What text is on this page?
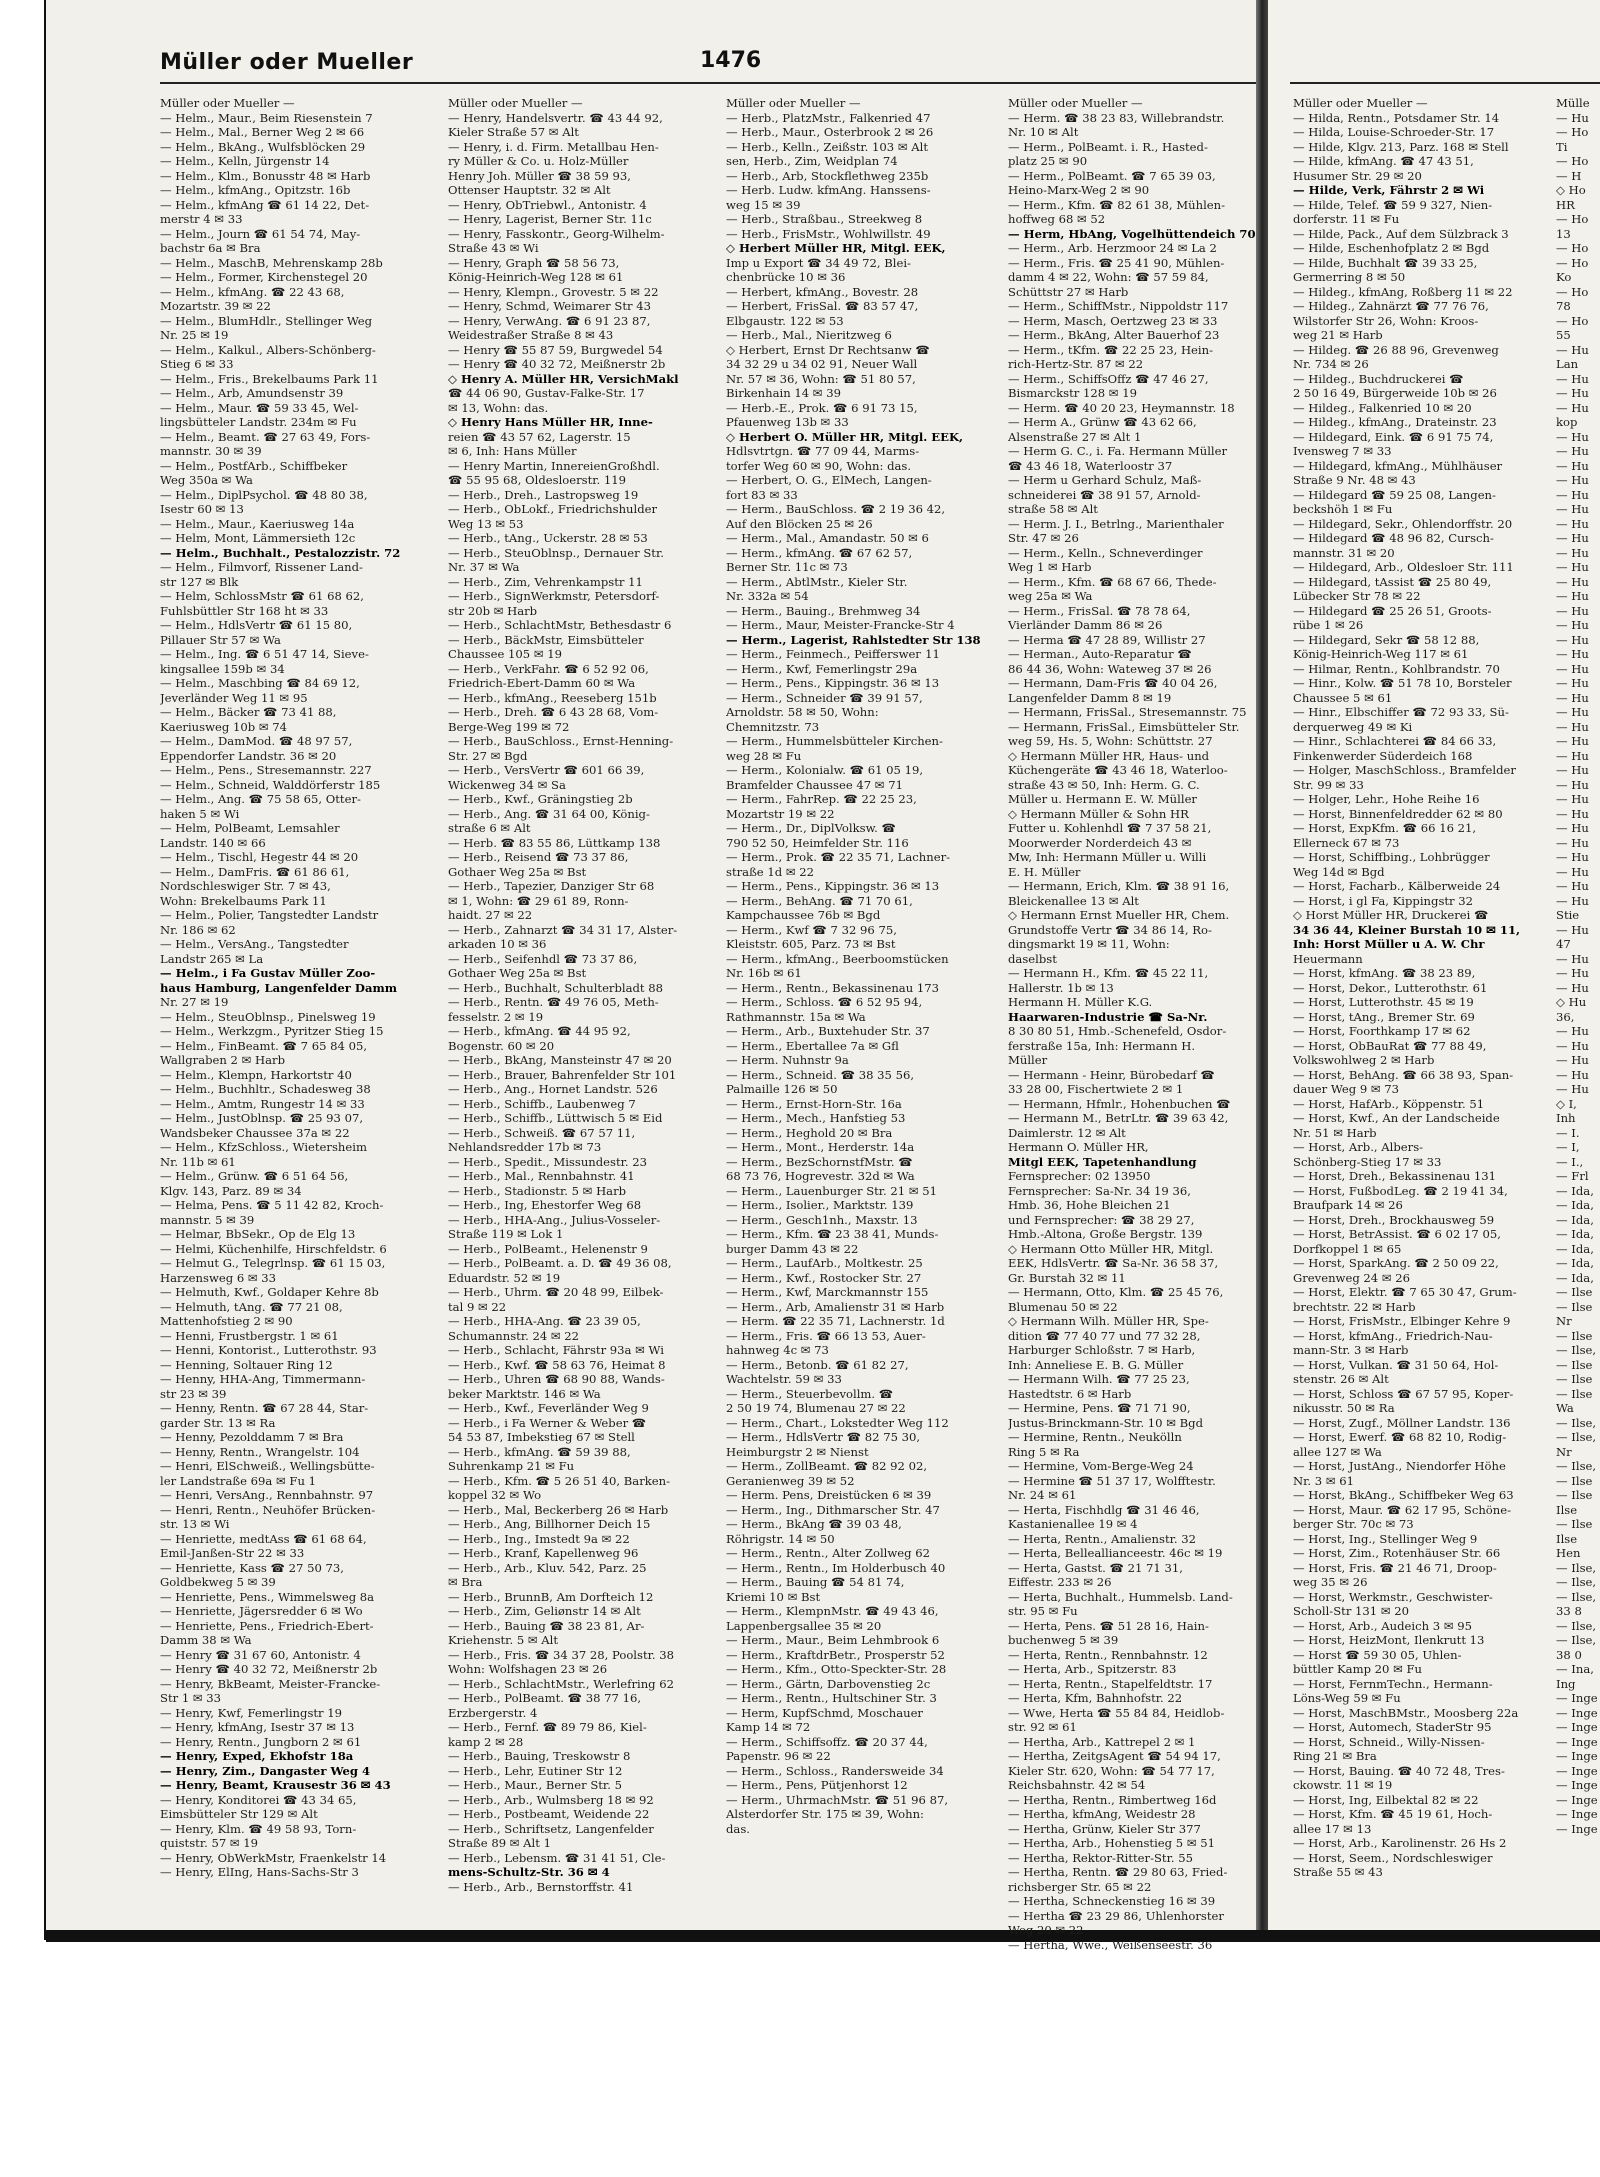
Müller oder Mueller	1476
Müller oder Mueller —
— Helm., Maur., Beim Riesenstein 7
— Helm., Mal., Berner Weg 2 ✉ 66
— Helm., BkAng., Wulfsblöcken 29
— Helm., Kelln, Jürgenstr 14
— Helm., Klm., Bonusstr 48 ✉ Harb
— Helm., kfmAng., Opitzstr. 16b
— Helm., kfmAng ☎ 61 14 22, Det-
merstr 4 ✉ 33
— Helm., Journ ☎ 61 54 74, May-
bachstr 6a ✉ Bra
— Helm., MaschB, Mehrenskamp 28b
— Helm., Former, Kirchenstegel 20
— Helm., kfmAng. ☎ 22 43 68,
Mozartstr. 39 ✉ 22
— Helm., BlumHdlr., Stellinger Weg
Nr. 25 ✉ 19
— Helm., Kalkul., Albers-Schönberg-
Stieg 6 ✉ 33
— Helm., Fris., Brekelbaums Park 11
— Helm., Arb, Amundsenstr 39
— Helm., Maur. ☎ 59 33 45, Wel-
lingsbütteler Landstr. 234m ✉ Fu
— Helm., Beamt. ☎ 27 63 49, Fors-
mannstr. 30 ✉ 39
— Helm., PostfArb., Schiffbeker
Weg 350a ✉ Wa
— Helm., DiplPsychol. ☎ 48 80 38,
Isestr 60 ✉ 13
— Helm., Maur., Kaeriusweg 14a
— Helm, Mont, Lämmersieth 12c
— Helm., Buchhalt., Pestalozzistr. 72
— Helm., Filmvorf, Rissener Land-
str 127 ✉ Blk
— Helm, SchlossMstr ☎ 61 68 62,
Fuhlsbüttler Str 168 ht ✉ 33
— Helm., HdlsVertr ☎ 61 15 80,
Pillauer Str 57 ✉ Wa
— Helm., Ing. ☎ 6 51 47 14, Sieve-
kingsallee 159b ✉ 34
— Helm., Maschbing ☎ 84 69 12,
Jeverländer Weg 11 ✉ 95
— Helm., Bäcker ☎ 73 41 88,
Kaeriusweg 10b ✉ 74
— Helm., DamMod. ☎ 48 97 57,
Eppendorfer Landstr. 36 ✉ 20
— Helm., Pens., Stresemannstr. 227
— Helm., Schneid, Walddörferstr 185
— Helm., Ang. ☎ 75 58 65, Otter-
haken 5 ✉ Wi
— Helm, PolBeamt, Lemsahler
Landstr. 140 ✉ 66
— Helm., Tischl, Hegestr 44 ✉ 20
— Helm., DamFris. ☎ 61 86 61,
Nordschleswiger Str. 7 ✉ 43,
Wohn: Brekelbaums Park 11
— Helm., Polier, Tangstedter Landstr
Nr. 186 ✉ 62
— Helm., VersAng., Tangstedter
Landstr 265 ✉ La
— Helm., i Fa Gustav Müller Zoo-
haus Hamburg, Langenfelder Damm
Nr. 27 ✉ 19
— Helm., SteuOblnsp., Pinelsweg 19
— Helm., Werkzgm., Pyritzer Stieg 15
— Helm., FinBeamt. ☎ 7 65 84 05,
Wallgraben 2 ✉ Harb
— Helm., Klempn, Harkortstr 40
— Helm., Buchhltr., Schadesweg 38
— Helm., Amtm, Rungestr 14 ✉ 33
— Helm., JustOblnsp. ☎ 25 93 07,
Wandsbeker Chaussee 37a ✉ 22
— Helm., KfzSchloss., Wietersheim
Nr. 11b ✉ 61
— Helm., Grünw. ☎ 6 51 64 56,
Klgv. 143, Parz. 89 ✉ 34
— Helma, Pens. ☎ 5 11 42 82, Kroch-
mannstr. 5 ✉ 39
— Helmar, BbSekr., Op de Elg 13
— Helmi, Küchenhilfe, Hirschfeldstr. 6
— Helmut G., Telegrlnsp. ☎ 61 15 03,
Harzensweg 6 ✉ 33
— Helmuth, Kwf., Goldaper Kehre 8b
— Helmuth, tAng. ☎ 77 21 08,
Mattenhofstieg 2 ✉ 90
— Henni, Frustbergstr. 1 ✉ 61
— Henni, Kontorist., Lutterothstr. 93
— Henning, Soltauer Ring 12
— Henny, HHA-Ang, Timmermann-
str 23 ✉ 39
— Henny, Rentn. ☎ 67 28 44, Star-
garder Str. 13 ✉ Ra
— Henny, Pezolddamm 7 ✉ Bra
— Henny, Rentn., Wrangelstr. 104
— Henri, ElSchweiß., Wellingsbütte-
ler Landstraße 69a ✉ Fu 1
— Henri, VersAng., Rennbahnstr. 97
— Henri, Rentn., Neuhöfer Brücken-
str. 13 ✉ Wi
— Henriette, medtAss ☎ 61 68 64,
Emil-Janßen-Str 22 ✉ 33
— Henriette, Kass ☎ 27 50 73,
Goldbekweg 5 ✉ 39
— Henriette, Pens., Wimmelsweg 8a
— Henriette, Jägersredder 6 ✉ Wo
— Henriette, Pens., Friedrich-Ebert-
Damm 38 ✉ Wa
— Henry ☎ 31 67 60, Antonistr. 4
— Henry ☎ 40 32 72, Meißnerstr 2b
— Henry, BkBeamt, Meister-Francke-
Str 1 ✉ 33
— Henry, Kwf, Femerlingstr 19
— Henry, kfmAng, Isestr 37 ✉ 13
— Henry, Rentn., Jungborn 2 ✉ 61
— Henry, Exped, Ekhofstr 18a
— Henry, Zim., Dangaster Weg 4
— Henry, Beamt, Krausestr 36 ✉ 43
— Henry, Konditorei ☎ 43 34 65,
Eimsbütteler Str 129 ✉ Alt
— Henry, Klm. ☎ 49 58 93, Torn-
quiststr. 57 ✉ 19
— Henry, ObWerkMstr, Fraenkelstr 14
— Henry, ElIng, Hans-Sachs-Str 3
Müller oder Mueller —
— Henry, Handelsvertr. ☎ 43 44 92,
Kieler Straße 57 ✉ Alt
— Henry, i. d. Firm. Metallbau Hen-
ry Müller & Co. u. Holz-Müller
Henry Joh. Müller ☎ 38 59 93,
Ottenser Hauptstr. 32 ✉ Alt
— Henry, ObTriebwl., Antonistr. 4
— Henry, Lagerist, Berner Str. 11c
— Henry, Fasskontr., Georg-Wilhelm-
Straße 43 ✉ Wi
— Henry, Graph ☎ 58 56 73,
König-Heinrich-Weg 128 ✉ 61
— Henry, Klempn., Grovestr. 5 ✉ 22
— Henry, Schmd, Weimarer Str 43
— Henry, VerwAng. ☎ 6 91 23 87,
Weidestraßer Straße 8 ✉ 43
— Henry ☎ 55 87 59, Burgwedel 54
— Henry ☎ 40 32 72, Meißnerstr 2b
◇ Henry A. Müller HR, VersichMakl
☎ 44 06 90, Gustav-Falke-Str. 17
✉ 13, Wohn: das.
◇ Henry Hans Müller HR, Inne-
reien ☎ 43 57 62, Lagerstr. 15
✉ 6, Inh: Hans Müller
— Henry Martin, InnereienGroßhdl.
☎ 55 95 68, Oldesloerstr. 119
— Herb., Dreh., Lastropsweg 19
— Herb., ObLokf., Friedrichshulder
Weg 13 ✉ 53
— Herb., tAng., Uckerstr. 28 ✉ 53
— Herb., SteuOblnsp., Dernauer Str.
Nr. 37 ✉ Wa
— Herb., Zim, Vehrenkampstr 11
— Herb., SignWerkmstr, Petersdorf-
str 20b ✉ Harb
— Herb., SchlachtMstr, Bethesdastr 6
— Herb., BäckMstr, Eimsbütteler
Chaussee 105 ✉ 19
— Herb., VerkFahr. ☎ 6 52 92 06,
Friedrich-Ebert-Damm 60 ✉ Wa
— Herb., kfmAng., Reeseberg 151b
— Herb., Dreh. ☎ 6 43 28 68, Vom-
Berge-Weg 199 ✉ 72
— Herb., BauSchloss., Ernst-Henning-
Str. 27 ✉ Bgd
— Herb., VersVertr ☎ 601 66 39,
Wickenweg 34 ✉ Sa
— Herb., Kwf., Gräningstieg 2b
— Herb., Ang. ☎ 31 64 00, König-
straße 6 ✉ Alt
— Herb. ☎ 83 55 86, Lüttkamp 138
— Herb., Reisend ☎ 73 37 86,
Gothaer Weg 25a ✉ Bst
— Herb., Tapezier, Danziger Str 68
✉ 1, Wohn: ☎ 29 61 89, Ronn-
haidt. 27 ✉ 22
— Herb., Zahnarzt ☎ 34 31 17, Alster-
arkaden 10 ✉ 36
— Herb., Seifenhdl ☎ 73 37 86,
Gothaer Weg 25a ✉ Bst
— Herb., Buchhalt, Schulterbladt 88
— Herb., Rentn. ☎ 49 76 05, Meth-
fesselstr. 2 ✉ 19
— Herb., kfmAng. ☎ 44 95 92,
Bogenstr. 60 ✉ 20
— Herb., BkAng, Mansteinstr 47 ✉ 20
— Herb., Brauer, Bahrenfelder Str 101
— Herb., Ang., Hornet Landstr. 526
— Herb., Schiffb., Laubenweg 7
— Herb., Schiffb., Lüttwisch 5 ✉ Eid
— Herb., Schweiß. ☎ 67 57 11,
Nehlandsredder 17b ✉ 73
— Herb., Spedit., Missundestr. 23
— Herb., Mal., Rennbahnstr. 41
— Herb., Stadionstr. 5 ✉ Harb
— Herb., Ing, Ehestorfer Weg 68
— Herb., HHA-Ang., Julius-Vosseler-
Straße 119 ✉ Lok 1
— Herb., PolBeamt., Helenenstr 9
— Herb., PolBeamt. a. D. ☎ 49 36 08,
Eduardstr. 52 ✉ 19
— Herb., Uhrm. ☎ 20 48 99, Eilbek-
tal 9 ✉ 22
— Herb., HHA-Ang. ☎ 23 39 05,
Schumannstr. 24 ✉ 22
— Herb., Schlacht, Fährstr 93a ✉ Wi
— Herb., Kwf. ☎ 58 63 76, Heimat 8
— Herb., Uhren ☎ 68 90 88, Wands-
beker Marktstr. 146 ✉ Wa
— Herb., Kwf., Feverländer Weg 9
— Herb., i Fa Werner & Weber ☎
54 53 87, Imbekstieg 67 ✉ Stell
— Herb., kfmAng. ☎ 59 39 88,
Suhrenkamp 21 ✉ Fu
— Herb., Kfm. ☎ 5 26 51 40, Barken-
koppel 32 ✉ Wo
— Herb., Mal, Beckerberg 26 ✉ Harb
— Herb., Ang, Billhorner Deich 15
— Herb., Ing., Imstedt 9a ✉ 22
— Herb., Kranf, Kapellenweg 96
— Herb., Arb., Kluv. 542, Parz. 25
✉ Bra
— Herb., BrunnB, Am Dorfteich 12
— Herb., Zim, Geliønstr 14 ✉ Alt
— Herb., Bauing ☎ 38 23 81, Ar-
Kriehenstr. 5 ✉ Alt
— Herb., Fris. ☎ 34 37 28, Poolstr. 38
Wohn: Wolfshagen 23 ✉ 26
— Herb., SchlachtMstr., Werlefring 62
— Herb., PolBeamt. ☎ 38 77 16,
Erzbergerstr. 4
— Herb., Fernf. ☎ 89 79 86, Kiel-
kamp 2 ✉ 28
— Herb., Bauing, Treskowstr 8
— Herb., Lehr, Eutiner Str 12
— Herb., Maur., Berner Str. 5
— Herb., Arb., Wulmsberg 18 ✉ 92
— Herb., Postbeamt, Weidende 22
— Herb., Schriftsetz, Langenfelder
Straße 89 ✉ Alt 1
— Herb., Lebensm. ☎ 31 41 51, Cle-
mens-Schultz-Str. 36 ✉ 4
— Herb., Arb., Bernstorffstr. 41
Müller oder Mueller —
— Herb., PlatzMstr., Falkenried 47
— Herb., Maur., Osterbrook 2 ✉ 26
— Herb., Kelln., Zeißstr. 103 ✉ Alt
sen, Herb., Zim, Weidplan 74
— Herb., Arb, Stockflethweg 235b
— Herb. Ludw. kfmAng. Hanssens-
weg 15 ✉ 39
— Herb., Straßbau., Streekweg 8
— Herb., FrisMstr., Wohlwillstr. 49
◇ Herbert Müller HR, Mitgl. EEK,
Imp u Export ☎ 34 49 72, Blei-
chenbrücke 10 ✉ 36
— Herbert, kfmAng., Bovestr. 28
— Herbert, FrisSal. ☎ 83 57 47,
Elbgaustr. 122 ✉ 53
— Herb., Mal., Nieritzweg 6
◇ Herbert, Ernst Dr Rechtsanw ☎
34 32 29 u 34 02 91, Neuer Wall
Nr. 57 ✉ 36, Wohn: ☎ 51 80 57,
Birkenhain 14 ✉ 39
— Herb.-E., Prok. ☎ 6 91 73 15,
Pfauenweg 13b ✉ 33
◇ Herbert O. Müller HR, Mitgl. EEK,
Hdlsvtrtgn. ☎ 77 09 44, Marms-
torfer Weg 60 ✉ 90, Wohn: das.
— Herbert, O. G., ElMech, Langen-
fort 83 ✉ 33
— Herm., BauSchloss. ☎ 2 19 36 42,
Auf den Blöcken 25 ✉ 26
— Herm., Mal., Amandastr. 50 ✉ 6
— Herm., kfmAng. ☎ 67 62 57,
Berner Str. 11c ✉ 73
— Herm., AbtlMstr., Kieler Str.
Nr. 332a ✉ 54
— Herm., Bauing., Brehmweg 34
— Herm., Maur, Meister-Francke-Str 4
— Herm., Lagerist, Rahlstedter Str 138
— Herm., Feinmech., Peifferswег 11
— Herm., Kwf, Femerlingstr 29a
— Herm., Pens., Kippingstr. 36 ✉ 13
— Herm., Schneider ☎ 39 91 57,
Arnoldstr. 58 ✉ 50, Wohn:
Chemnitzstr. 73
— Herm., Hummelsbütteler Kirchen-
weg 28 ✉ Fu
— Herm., Kolonialw. ☎ 61 05 19,
Bramfelder Chaussee 47 ✉ 71
— Herm., FahrRep. ☎ 22 25 23,
Mozartstr 19 ✉ 22
— Herm., Dr., DiplVolksw. ☎
790 52 50, Heimfelder Str. 116
— Herm., Prok. ☎ 22 35 71, Lachner-
straße 1d ✉ 22
— Herm., Pens., Kippingstr. 36 ✉ 13
— Herm., BehAng. ☎ 71 70 61,
Kampchaussee 76b ✉ Bgd
— Herm., Kwf ☎ 7 32 96 75,
Kleiststr. 605, Parz. 73 ✉ Bst
— Herm., kfmAng., Beerboomstücken
Nr. 16b ✉ 61
— Herm., Rentn., Bekassinenau 173
— Herm., Schloss. ☎ 6 52 95 94,
Rathmannstr. 15a ✉ Wa
— Herm., Arb., Buxtehuder Str. 37
— Herm., Ebertallee 7a ✉ Gfl
— Herm. Nuhnstr 9a
— Herm., Schneid. ☎ 38 35 56,
Palmaille 126 ✉ 50
— Herm., Ernst-Horn-Str. 16a
— Herm., Mech., Hanfstieg 53
— Herm., Heghold 20 ✉ Bra
— Herm., Mont., Herderstr. 14a
— Herm., BezSchornstfMstr. ☎
68 73 76, Hogrevestr. 32d ✉ Wa
— Herm., Lauenburger Str. 21 ✉ 51
— Herm., Isolier., Marktstr. 139
— Herm., Gesch1nh., Maxstr. 13
— Herm., Kfm. ☎ 23 38 41, Munds-
burger Damm 43 ✉ 22
— Herm., LaufArb., Moltkestr. 25
— Herm., Kwf., Rostocker Str. 27
— Herm., Kwf, Marckmannstr 155
— Herm., Arb, Amalienstr 31 ✉ Harb
— Herm. ☎ 22 35 71, Lachnerstr. 1d
— Herm., Fris. ☎ 66 13 53, Auer-
hahnweg 4c ✉ 73
— Herm., Betonb. ☎ 61 82 27,
Wachtelstr. 59 ✉ 33
— Herm., Steuerbevollm. ☎
2 50 19 74, Blumenau 27 ✉ 22
— Herm., Chart., Lokstedter Weg 112
— Herm., HdlsVertr ☎ 82 75 30,
Heimburgstr 2 ✉ Nienst
— Herm., ZollBeamt. ☎ 82 92 02,
Geranienweg 39 ✉ 52
— Herm. Pens, Dreistücken 6 ✉ 39
— Herm., Ing., Dithmarscher Str. 47
— Herm., BkAng ☎ 39 03 48,
Röhrigstr. 14 ✉ 50
— Herm., Rentn., Alter Zollweg 62
— Herm., Rentn., Im Holderbusch 40
— Herm., Bauing ☎ 54 81 74,
Kriemi 10 ✉ Bst
— Herm., KlempnMstr. ☎ 49 43 46,
Lappenbergsallee 35 ✉ 20
— Herm., Maur., Beim Lehmbrook 6
— Herm., KraftdrBetr., Prosperstr 52
— Herm., Kfm., Otto-Speckter-Str. 28
— Herm., Gärtn, Darbovenstieg 2c
— Herm., Rentn., Hultschiner Str. 3
— Herm, KupfSchmd, Moschauer
Kamp 14 ✉ 72
— Herm., Schiffsoffz. ☎ 20 37 44,
Papenstr. 96 ✉ 22
— Herm., Schloss., Randersweide 34
— Herm., Pens, Pütjenhorst 12
— Herm., UhrmachMstr. ☎ 51 96 87,
Alsterdorfer Str. 175 ✉ 39, Wohn:
das.
Müller oder Mueller —
— Herm. ☎ 38 23 83, Willebrandstr.
Nr. 10 ✉ Alt
— Herm., PolBeamt. i. R., Hasted-
platz 25 ✉ 90
— Herm., PolBeamt. ☎ 7 65 39 03,
Heino-Marx-Weg 2 ✉ 90
— Herm., Kfm. ☎ 82 61 38, Mühlen-
hoffweg 68 ✉ 52
— Herm, HbAng, Vogelhüttendeich 70
— Herm., Arb. Herzmoor 24 ✉ La 2
— Herm., Fris. ☎ 25 41 90, Mühlen-
damm 4 ✉ 22, Wohn: ☎ 57 59 84,
Schüttstr 27 ✉ Harb
— Herm., SchiffMstr., Nippoldstr 117
— Herm, Masch, Oertzweg 23 ✉ 33
— Herm., BkAng, Alter Bauerhof 23
— Herm., tKfm. ☎ 22 25 23, Hein-
rich-Hertz-Str. 87 ✉ 22
— Herm., SchiffsOffz ☎ 47 46 27,
Bismarckstr 128 ✉ 19
— Herm. ☎ 40 20 23, Heymannstr. 18
— Herm A., Grünw ☎ 43 62 66,
Alsenstraße 27 ✉ Alt 1
— Herm G. C., i. Fa. Hermann Müller
☎ 43 46 18, Waterloostr 37
— Herm u Gerhard Schulz, Maß-
schneiderei ☎ 38 91 57, Arnold-
straße 58 ✉ Alt
— Herm. J. I., Betrlng., Marienthaler
Str. 47 ✉ 26
— Herm., Kelln., Schneverdinger
Weg 1 ✉ Harb
— Herm., Kfm. ☎ 68 67 66, Thede-
weg 25a ✉ Wa
— Herm., FrisSal. ☎ 78 78 64,
Vierländer Damm 86 ✉ 26
— Herma ☎ 47 28 89, Willistr 27
— Herman., Auto-Reparatur ☎
86 44 36, Wohn: Wateweg 37 ✉ 26
— Hermann, Dam-Fris ☎ 40 04 26,
Langenfelder Damm 8 ✉ 19
— Hermann, FrisSal., Stresemannstr. 75
— Hermann, FrisSal., Eimsbütteler Str.
weg 59, Hs. 5, Wohn: Schüttstr. 27
◇ Hermann Müller HR, Haus- und
Küchengeräte ☎ 43 46 18, Waterloo-
straße 43 ✉ 50, Inh: Herm. G. C.
Müller u. Hermann E. W. Müller
◇ Hermann Müller & Sohn HR
Futter u. Kohlenhdl ☎ 7 37 58 21,
Moorwerder Norderdeich 43 ✉
Mw, Inh: Hermann Müller u. Willi
E. H. Müller
— Hermann, Erich, Klm. ☎ 38 91 16,
Bleickenallee 13 ✉ Alt
◇ Hermann Ernst Mueller HR, Chem.
Grundstoffe Vertr ☎ 34 86 14, Ro-
dingsmarkt 19 ✉ 11, Wohn:
daselbst
— Hermann H., Kfm. ☎ 45 22 11,
Hallerstr. 1b ✉ 13
Hermann H. Müller K.G.
Haarwaren-Industrie ☎ Sa-Nr.
8 30 80 51, Hmb.-Schenefeld, Osdor-
ferstraße 15a, Inh: Hermann H.
Müller
— Hermann - Heinr, Bürobedarf ☎
33 28 00, Fischertwiete 2 ✉ 1
— Hermann, Hfmlr., Hohenbuchen ☎
— Hermann M., BetrLtr. ☎ 39 63 42,
Daimlerstr. 12 ✉ Alt
Hermann O. Müller HR,
Mitgl EEK, Tapetenhandlung
Fernsprecher: 02 13950
Fernsprecher: Sa-Nr. 34 19 36,
Hmb. 36, Hohe Bleichen 21
und Fernsprecher: ☎ 38 29 27,
Hmb.-Altona, Große Bergstr. 139
◇ Hermann Otto Müller HR, Mitgl.
EEK, HdlsVertr. ☎ Sa-Nr. 36 58 37,
Gr. Burstah 32 ✉ 11
— Hermann, Otto, Klm. ☎ 25 45 76,
Blumenau 50 ✉ 22
◇ Hermann Wilh. Müller HR, Spe-
dition ☎ 77 40 77 und 77 32 28,
Harburger Schloßstr. 7 ✉ Harb,
Inh: Anneliese E. B. G. Müller
— Hermann Wilh. ☎ 77 25 23,
Hastedtstr. 6 ✉ Harb
— Hermine, Pens. ☎ 71 71 90,
Justus-Brinckmann-Str. 10 ✉ Bgd
— Hermine, Rentn., Neukölln
Ring 5 ✉ Ra
— Hermine, Vom-Berge-Weg 24
— Hermine ☎ 51 37 17, Wolfftestr.
Nr. 24 ✉ 61
— Herta, Fischhdlg ☎ 31 46 46,
Kastanienallee 19 ✉ 4
— Herta, Rentn., Amalienstr. 32
— Herta, Belleallianceestr. 46c ✉ 19
— Herta, Gastst. ☎ 21 71 31,
Eiffestr. 233 ✉ 26
— Herta, Buchhalt., Hummelsb. Land-
str. 95 ✉ Fu
— Herta, Pens. ☎ 51 28 16, Hain-
buchenweg 5 ✉ 39
— Herta, Rentn., Rennbahnstr. 12
— Herta, Arb., Spitzerstr. 83
— Herta, Rentn., Stapelfeldtstr. 17
— Herta, Kfm, Bahnhofstr. 22
— Wwe, Herta ☎ 55 84 84, Heidlob-
str. 92 ✉ 61
— Hertha, Arb., Kattrepel 2 ✉ 1
— Hertha, ZeitgsAgent ☎ 54 94 17,
Kieler Str. 620, Wohn: ☎ 54 77 17,
Reichsbahnstr. 42 ✉ 54
— Hertha, Rentn., Rimbertweg 16d
— Hertha, kfmAng, Weidestr 28
— Hertha, Grünw, Kieler Str 377
— Hertha, Arb., Hohenstieg 5 ✉ 51
— Hertha, Rektor-Ritter-Str. 55
— Hertha, Rentn. ☎ 29 80 63, Fried-
richsberger Str. 65 ✉ 22
— Hertha, Schneckenstieg 16 ✉ 39
— Hertha ☎ 23 29 86, Uhlenhorster
Weg 20 ✉ 22
— Hertha, Wwe., Weißenseestr. 36
Müller oder Mueller —
— Hilda, Rentn., Potsdamer Str. 14
— Hilda, Louise-Schroeder-Str. 17
— Hilde, Klgv. 213, Parz. 168 ✉ Stell
— Hilde, kfmAng. ☎ 47 43 51,
Husumer Str. 29 ✉ 20
— Hilde, Verk, Fährstr 2 ✉ Wi
— Hilde, Telef. ☎ 59 9 327, Nien-
dorferstr. 11 ✉ Fu
— Hilde, Pack., Auf dem Sülzbrack 3
— Hilde, Eschenhofplatz 2 ✉ Bgd
— Hilde, Buchhalt ☎ 39 33 25,
Germerring 8 ✉ 50
— Hildeg., kfmAng, Roßberg 11 ✉ 22
— Hildeg., Zahnärzt ☎ 77 76 76,
Wilstorfer Str 26, Wohn: Kroos-
weg 21 ✉ Harb
— Hildeg. ☎ 26 88 96, Grevenweg
Nr. 734 ✉ 26
— Hildeg., Buchdruckerei ☎
2 50 16 49, Bürgerweide 10b ✉ 26
— Hildeg., Falkenried 10 ✉ 20
— Hildeg., kfmAng., Drateinstr. 23
— Hildegard, Eink. ☎ 6 91 75 74,
Ivensweg 7 ✉ 33
— Hildegard, kfmAng., Mühlhäuser
Straße 9 Nr. 48 ✉ 43
— Hildegard ☎ 59 25 08, Langen-
beckshöh 1 ✉ Fu
— Hildegard, Sekr., Ohlendorffstr. 20
— Hildegard ☎ 48 96 82, Cursch-
mannstr. 31 ✉ 20
— Hildegard, Arb., Oldesloer Str. 111
— Hildegard, tAssist ☎ 25 80 49,
Lübecker Str 78 ✉ 22
— Hildegard ☎ 25 26 51, Groots-
rübe 1 ✉ 26
— Hildegard, Sekr ☎ 58 12 88,
König-Heinrich-Weg 117 ✉ 61
— Hilmar, Rentn., Kohlbrandstr. 70
— Hinr., Kolw. ☎ 51 78 10, Borsteler
Chaussee 5 ✉ 61
— Hinr., Elbschiffer ☎ 72 93 33, Sü-
derquerweg 49 ✉ Ki
— Hinr., Schlachterei ☎ 84 66 33,
Finkenwerder Süderdeich 168
— Holger, MaschSchloss., Bramfelder
Str. 99 ✉ 33
— Holger, Lehr., Hohe Reihe 16
— Horst, Binnenfeldredder 62 ✉ 80
— Horst, ExpKfm. ☎ 66 16 21,
Ellerneck 67 ✉ 73
— Horst, Schiffbing., Lohbrügger
Weg 14d ✉ Bgd
— Horst, Facharb., Kälberweide 24
— Horst, i gl Fa, Kippingstr 32
◇ Horst Müller HR, Druckerei ☎
34 36 44, Kleiner Burstah 10 ✉ 11,
Inh: Horst Müller u A. W. Chr
Heuermann
— Horst, kfmAng. ☎ 38 23 89,
— Horst, Dekor., Lutterothstr. 61
— Horst, Lutterothstr. 45 ✉ 19
— Horst, tAng., Bremer Str. 69
— Horst, Foorthkamp 17 ✉ 62
— Horst, ObBauRat ☎ 77 88 49,
Volkswohlweg 2 ✉ Harb
— Horst, BehAng. ☎ 66 38 93, Span-
dauer Weg 9 ✉ 73
— Horst, HafArb., Köppenstr. 51
— Horst, Kwf., An der Landscheide
Nr. 51 ✉ Harb
— Horst, Arb., Albers-
Schönberg-Stieg 17 ✉ 33
— Horst, Dreh., Bekassinenau 131
— Horst, FußbodLeg. ☎ 2 19 41 34,
Braufpark 14 ✉ 26
— Horst, Dreh., Brockhausweg 59
— Horst, BetrAssist. ☎ 6 02 17 05,
Dorfkoppel 1 ✉ 65
— Horst, SparkAng. ☎ 2 50 09 22,
Grevenweg 24 ✉ 26
— Horst, Elektr. ☎ 7 65 30 47, Grum-
brechtstr. 22 ✉ Harb
— Horst, FrisMstr., Elbinger Kehre 9
— Horst, kfmAng., Friedrich-Nau-
mann-Str. 3 ✉ Harb
— Horst, Vulkan. ☎ 31 50 64, Hol-
stenstr. 26 ✉ Alt
— Horst, Schloss ☎ 67 57 95, Koper-
nikusstr. 50 ✉ Ra
— Horst, Zugf., Möllner Landstr. 136
— Horst, Ewerf. ☎ 68 82 10, Rodig-
allee 127 ✉ Wa
— Horst, JustAng., Niendorfer Höhe
Nr. 3 ✉ 61
— Horst, BkAng., Schiffbeker Weg 63
— Horst, Maur. ☎ 62 17 95, Schöne-
berger Str. 70c ✉ 73
— Horst, Ing., Stellinger Weg 9
— Horst, Zim., Rotenhäuser Str. 66
— Horst, Fris. ☎ 21 46 71, Droop-
weg 35 ✉ 26
— Horst, Werkmstr., Geschwister-
Scholl-Str 131 ✉ 20
— Horst, Arb., Audeich 3 ✉ 95
— Horst, HeizMont, Ilenkrutt 13
— Horst ☎ 59 30 05, Uhlen-
büttler Kamp 20 ✉ Fu
— Horst, FernmTechn., Hermann-
Löns-Weg 59 ✉ Fu
— Horst, MaschBMstr., Moosberg 22a
— Horst, Automech, StaderStr 95
— Horst, Schneid., Willy-Nissen-
Ring 21 ✉ Bra
— Horst, Bauing. ☎ 40 72 48, Tres-
ckowstr. 11 ✉ 19
— Horst, Ing, Eilbektal 82 ✉ 22
— Horst, Kfm. ☎ 45 19 61, Hoch-
allee 17 ✉ 13
— Horst, Arb., Karolinenstr. 26 Hs 2
— Horst, Seem., Nordschleswiger
Straße 55 ✉ 43
Mülle
— Hu
— Ho
Ti
— Ho
— H
◇ Ho
HR
— Ho
13
— Ho
— Ho
Ko
— Ho
78
— Ho
55
— Hu
Lan
— Hu
— Hu
— Hu
kop
— Hu
— Hu
— Hu
— Hu
— Hu
— Hu
— Hu
— Hu
— Hu
— Hu
— Hu
— Hu
— Hu
— Hu
— Hu
— Hu
— Hu
— Hu
— Hu
— Hu
— Hu
— Hu
— Hu
— Hu
— Hu
— Hu
— Hu
— Hu
— Hu
— Hu
— Hu
— Hu
— Hu
Stie
— Hu
47
— Hu
— Hu
— Hu
◇ Hu
36,
— Hu
— Hu
— Hu
— Hu
— Hu
◇ I,
Inh
— I.
— I,
— I.,
— Frl
— Ida,
— Ida,
— Ida,
— Ida,
— Ida,
— Ida,
— Ida,
— Ilse
— Ilse
Nr
— Ilse
— Ilse,
— Ilse
— Ilse
— Ilse
Wa
— Ilse,
— Ilse,
Nr
— Ilse,
— Ilse
— Ilse
Ilse
— Ilse
Ilse
Hen
— Ilse,
— Ilse,
— Ilse,
33 8
— Ilse,
— Ilse,
38 0
— Ina,
Ing
— Inge
— Inge
— Inge
— Inge
— Inge
— Inge
— Inge
— Inge
— Inge
— Inge
